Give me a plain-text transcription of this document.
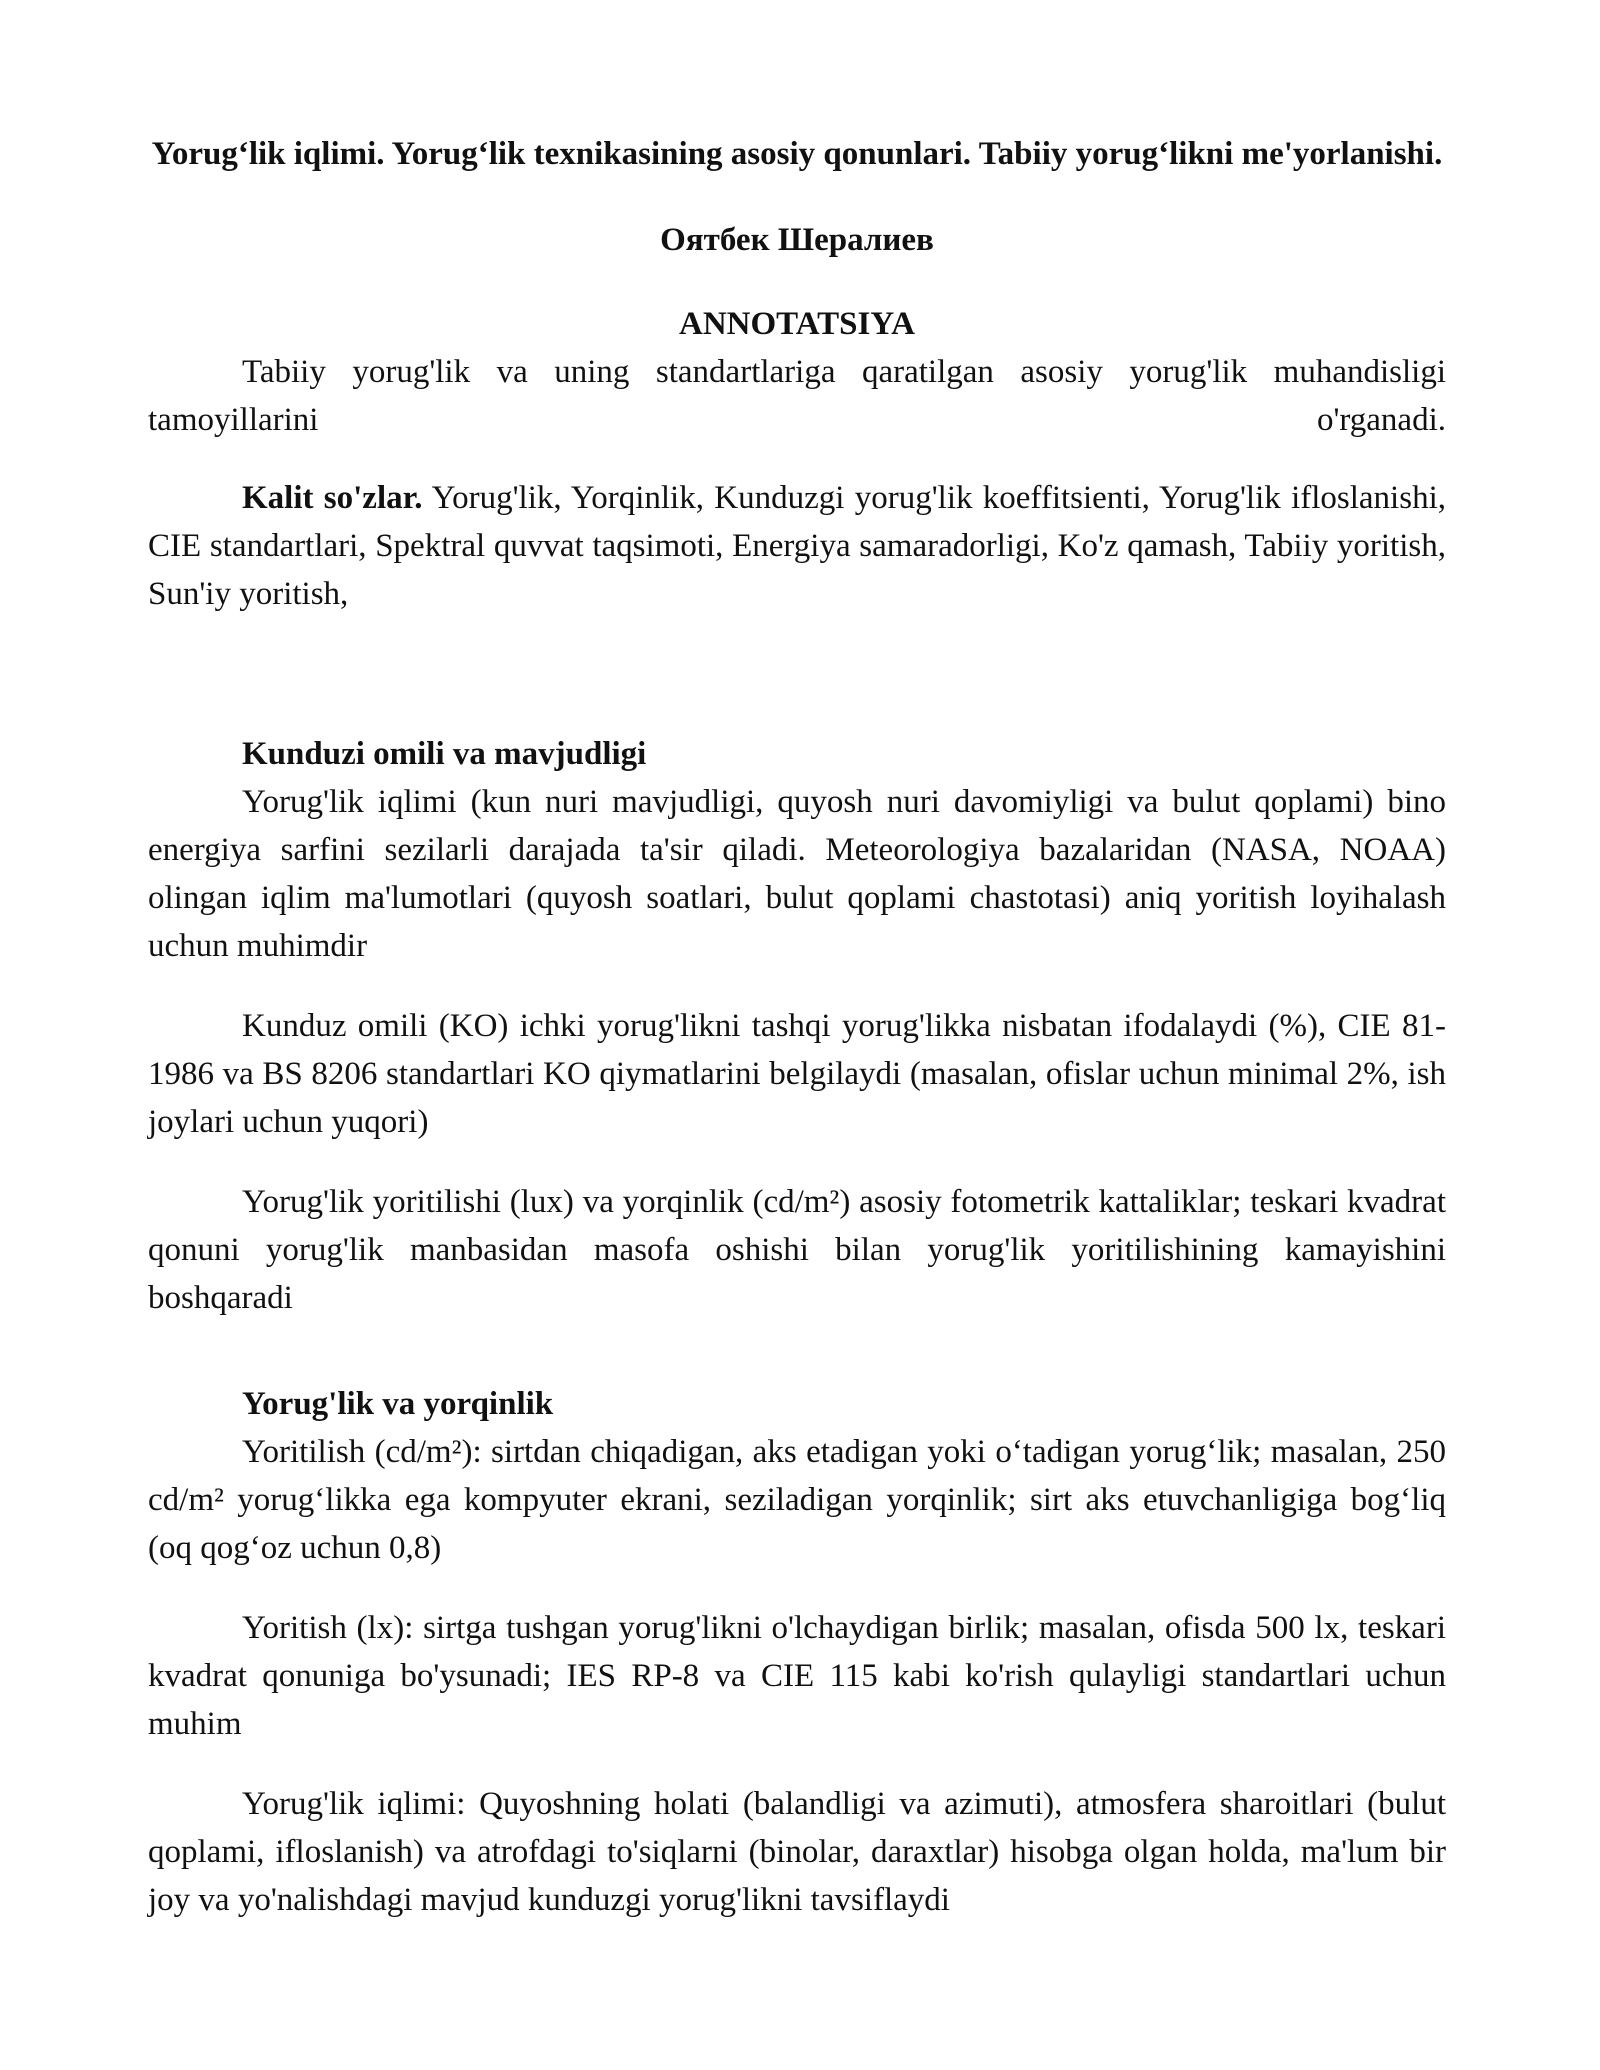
Yorug‘lik iqlimi. Yorug‘lik texnikasining asosiy qonunlari. Tabiiy yorug‘likni me'yorlanishi.
Оятбек Шералиев
ANNOTATSIYA

Tabiiy yorug'lik va uning standartlariga qaratilgan asosiy yorug'lik muhandisligi tamoyillarini o'rganadi.

Kalit so'zlar. Yorug'lik, Yorqinlik, Kunduzgi yorug'lik koeffitsienti, Yorug'lik ifloslanishi, CIE standartlari, Spektral quvvat taqsimoti, Energiya samaradorligi, Ko'z qamash, Tabiiy yoritish, Sun'iy yoritish,

Kunduzi omili va mavjudligi

Yorug'lik iqlimi (kun nuri mavjudligi, quyosh nuri davomiyligi va bulut qoplami) bino energiya sarfini sezilarli darajada ta'sir qiladi. Meteorologiya bazalaridan (NASA, NOAA) olingan iqlim ma'lumotlari (quyosh soatlari, bulut qoplami chastotasi) aniq yoritish loyihalash uchun muhimdir

Kunduz omili (KO) ichki yorug'likni tashqi yorug'likka nisbatan ifodalaydi (%), CIE 81-1986 va BS 8206 standartlari KO qiymatlarini belgilaydi (masalan, ofislar uchun minimal 2%, ish joylari uchun yuqori)

Yorug'lik yoritilishi (lux) va yorqinlik (cd/m²) asosiy fotometrik kattaliklar; teskari kvadrat qonuni yorug'lik manbasidan masofa oshishi bilan yorug'lik yoritilishining kamayishini boshqaradi

Yorug'lik va yorqinlik

Yoritilish (cd/m²): sirtdan chiqadigan, aks etadigan yoki o‘tadigan yorug‘lik; masalan, 250 cd/m² yorug‘likka ega kompyuter ekrani, seziladigan yorqinlik; sirt aks etuvchanligiga bog‘liq (oq qog‘oz uchun 0,8)

Yoritish (lx): sirtga tushgan yorug'likni o'lchaydigan birlik; masalan, ofisda 500 lx, teskari kvadrat qonuniga bo'ysunadi; IES RP-8 va CIE 115 kabi ko'rish qulayligi standartlari uchun muhim

Yorug'lik iqlimi: Quyoshning holati (balandligi va azimuti), atmosfera sharoitlari (bulut qoplami, ifloslanish) va atrofdagi to'siqlarni (binolar, daraxtlar) hisobga olgan holda, ma'lum bir joy va yo'nalishdagi mavjud kunduzgi yorug'likni tavsiflaydi
